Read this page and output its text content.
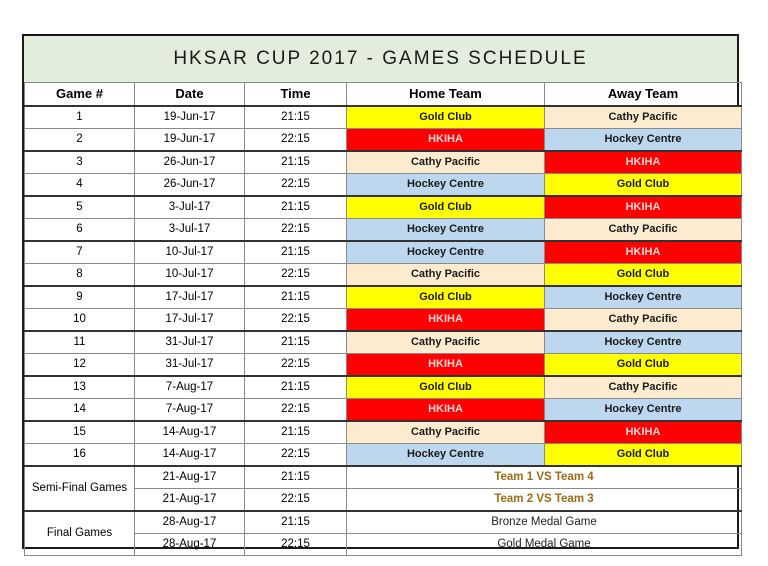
HKSAR CUP 2017 - GAMES SCHEDULE
Game #	Date	Time	Home Team	Away Team
1	19-Jun-17	21:15	Gold Club	Cathy Pacific
2	19-Jun-17	22:15	HKIHA	Hockey Centre
3	26-Jun-17	21:15	Cathy Pacific	HKIHA
4	26-Jun-17	22:15	Hockey Centre	Gold Club
5	3-Jul-17	21:15	Gold Club	HKIHA
6	3-Jul-17	22:15	Hockey Centre	Cathy Pacific
7	10-Jul-17	21:15	Hockey Centre	HKIHA
8	10-Jul-17	22:15	Cathy Pacific	Gold Club
9	17-Jul-17	21:15	Gold Club	Hockey Centre
10	17-Jul-17	22:15	HKIHA	Cathy Pacific
11	31-Jul-17	21:15	Cathy Pacific	Hockey Centre
12	31-Jul-17	22:15	HKIHA	Gold Club
13	7-Aug-17	21:15	Gold Club	Cathy Pacific
14	7-Aug-17	22:15	HKIHA	Hockey Centre
15	14-Aug-17	21:15	Cathy Pacific	HKIHA
16	14-Aug-17	22:15	Hockey Centre	Gold Club
Semi-Final Games	21-Aug-17	21:15	Team 1 VS Team 4	
	21-Aug-17	22:15	Team 2 VS Team 3	
Final Games	28-Aug-17	21:15	Bronze Medal Game	
	28-Aug-17	22:15	Gold Medal Game	
